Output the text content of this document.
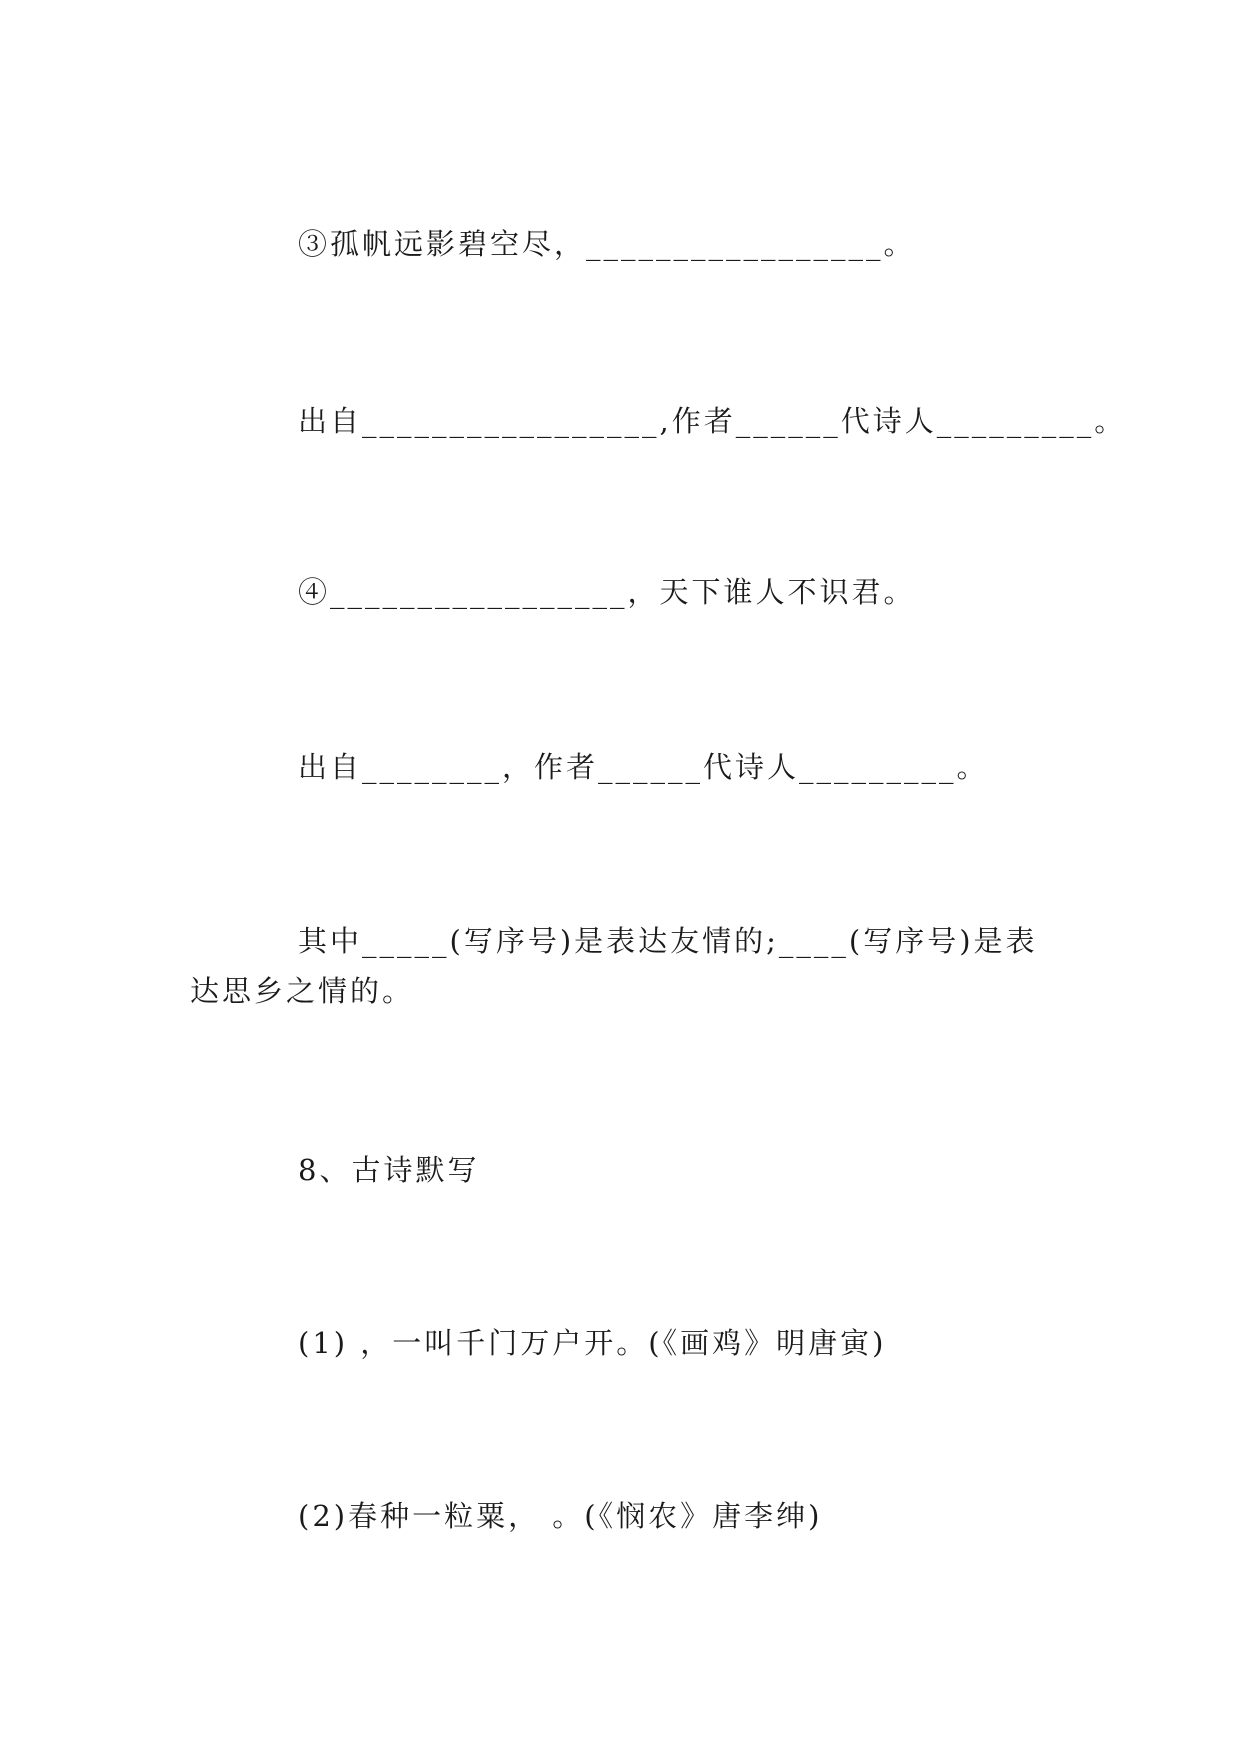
③孤帆远影碧空尽，_________________。
出自_________________,作者______代诗人_________。
④_________________，天下谁人不识君。
出自________，作者______代诗人_________。
其中_____(写序号)是表达友情的;____(写序号)是表达思乡之情的。
8、古诗默写
(1) ，一叫千门万户开。(《画鸡》明唐寅)
(2)春种一粒粟， 。(《悯农》唐李绅)
